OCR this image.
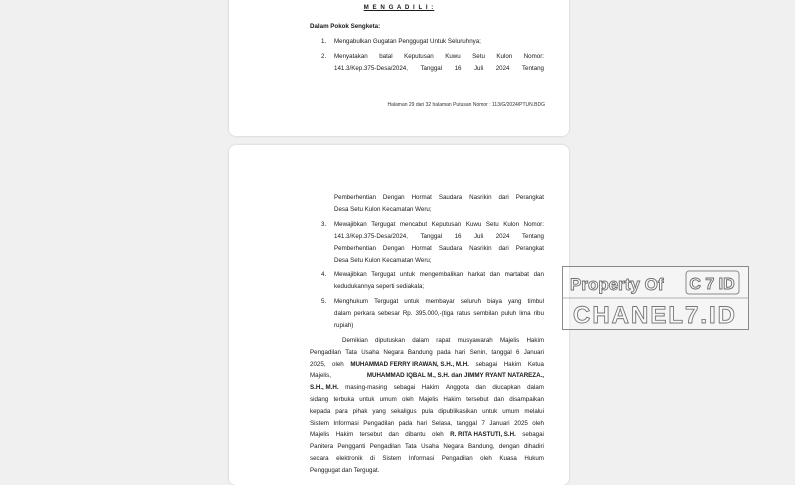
M E N G A D I L I :
Dalam Pokok Sengketa:
1. Mengabulkan Gugatan Penggugat Untuk Seluruhnya;
2. Menyatakan batal Keputusan Kuwu Setu Kulon Nomor:
141.3/Kep.375-Desa/2024, Tanggal 16 Juli 2024 Tentang
Halaman 29 dari 32 halaman Putusan Nomor : 113/G/2024/PTUN.BDG
Pemberhentian Dengan Hormat Saudara Nasrikin dari Perangkat
Desa Setu Kulon Kecamatan Weru;
3. Mewajibkan Tergugat mencabut Keputusan Kuwu Setu Kulon Nomor:
141.3/Kep.375-Desa/2024, Tanggal 16 Juli 2024 Tentang
Pemberhentian Dengan Hormat Saudara Nasrikin dari Perangkat
Desa Setu Kulon Kecamatan Weru;
4. Mewajibkan Tergugat untuk mengembalikan harkat dan martabat dan
kedudukannya seperti sediakala;
5. Menghukum Tergugat untuk membayar seluruh biaya yang timbul
dalam perkara sebesar Rp. 395.000,-(tiga ratus sembilan puluh lima ribu
rupiah)
Demikian diputuskan dalam rapat musyawarah Majelis Hakim
Pengadilan Tata Usaha Negara Bandung pada hari Senin, tanggal 6 Januari
2025, oleh MUHAMMAD FERRY IRAWAN, S.H., M.H. sebagai Hakim Ketua
Majelis,	MUHAMMAD IQBAL M., S.H. dan JIMMY RYANT NATAREZA.,
S.H., M.H. masing-masing sebagai Hakim Anggota dan diucapkan dalam
sidang terbuka untuk umum oleh Majelis Hakim tersebut dan disampaikan
kepada para pihak yang sekaligus pula dipublikasikan untuk umum melalui
Sistem Informasi Pengadilan pada hari Selasa, tanggal 7 Januari 2025 oleh
Majelis Hakim tersebut dan dibantu oleh R. RITA HASTUTI, S.H. sebagai
Panitera Pengganti Pengadilan Tata Usaha Negara Bandung, dengan dihadiri
secara elektronik di Sistem Informasi Pengadilan oleh Kuasa Hukum
Penggugat dan Tergugat.
Property Of C 7 ID
CHANEL7.ID
